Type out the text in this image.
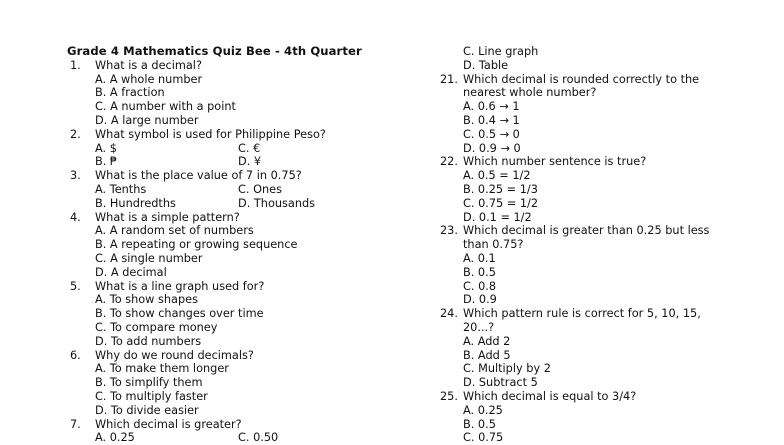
Grade 4 Mathematics Quiz Bee - 4th Quarter
1.	What is a decimal?
A. A whole number
B. A fraction
C. A number with a point
D. A large number
2.	What symbol is used for Philippine Peso?
A. $	C. €
B. ₱	D. ¥
3.	What is the place value of 7 in 0.75?
A. Tenths	C. Ones
B. Hundredths	D. Thousands
4.	What is a simple pattern?
A. A random set of numbers
B. A repeating or growing sequence
C. A single number
D. A decimal
5.	What is a line graph used for?
A. To show shapes
B. To show changes over time
C. To compare money
D. To add numbers
6.	Why do we round decimals?
A. To make them longer
B. To simplify them
C. To multiply faster
D. To divide easier
7.	Which decimal is greater?
A. 0.25	C. 0.50
C. Line graph
D. Table
21. Which decimal is rounded correctly to the
nearest whole number?
A. 0.6 → 1
B. 0.4 → 1
C. 0.5 → 0
D. 0.9 → 0
22. Which number sentence is true?
A. 0.5 = 1/2
B. 0.25 = 1/3
C. 0.75 = 1/2
D. 0.1 = 1/2
23. Which decimal is greater than 0.25 but less
than 0.75?
A. 0.1
B. 0.5
C. 0.8
D. 0.9
24. Which pattern rule is correct for 5, 10, 15,
20...?
A. Add 2
B. Add 5
C. Multiply by 2
D. Subtract 5
25. Which decimal is equal to 3/4?
A. 0.25
B. 0.5
C. 0.75
